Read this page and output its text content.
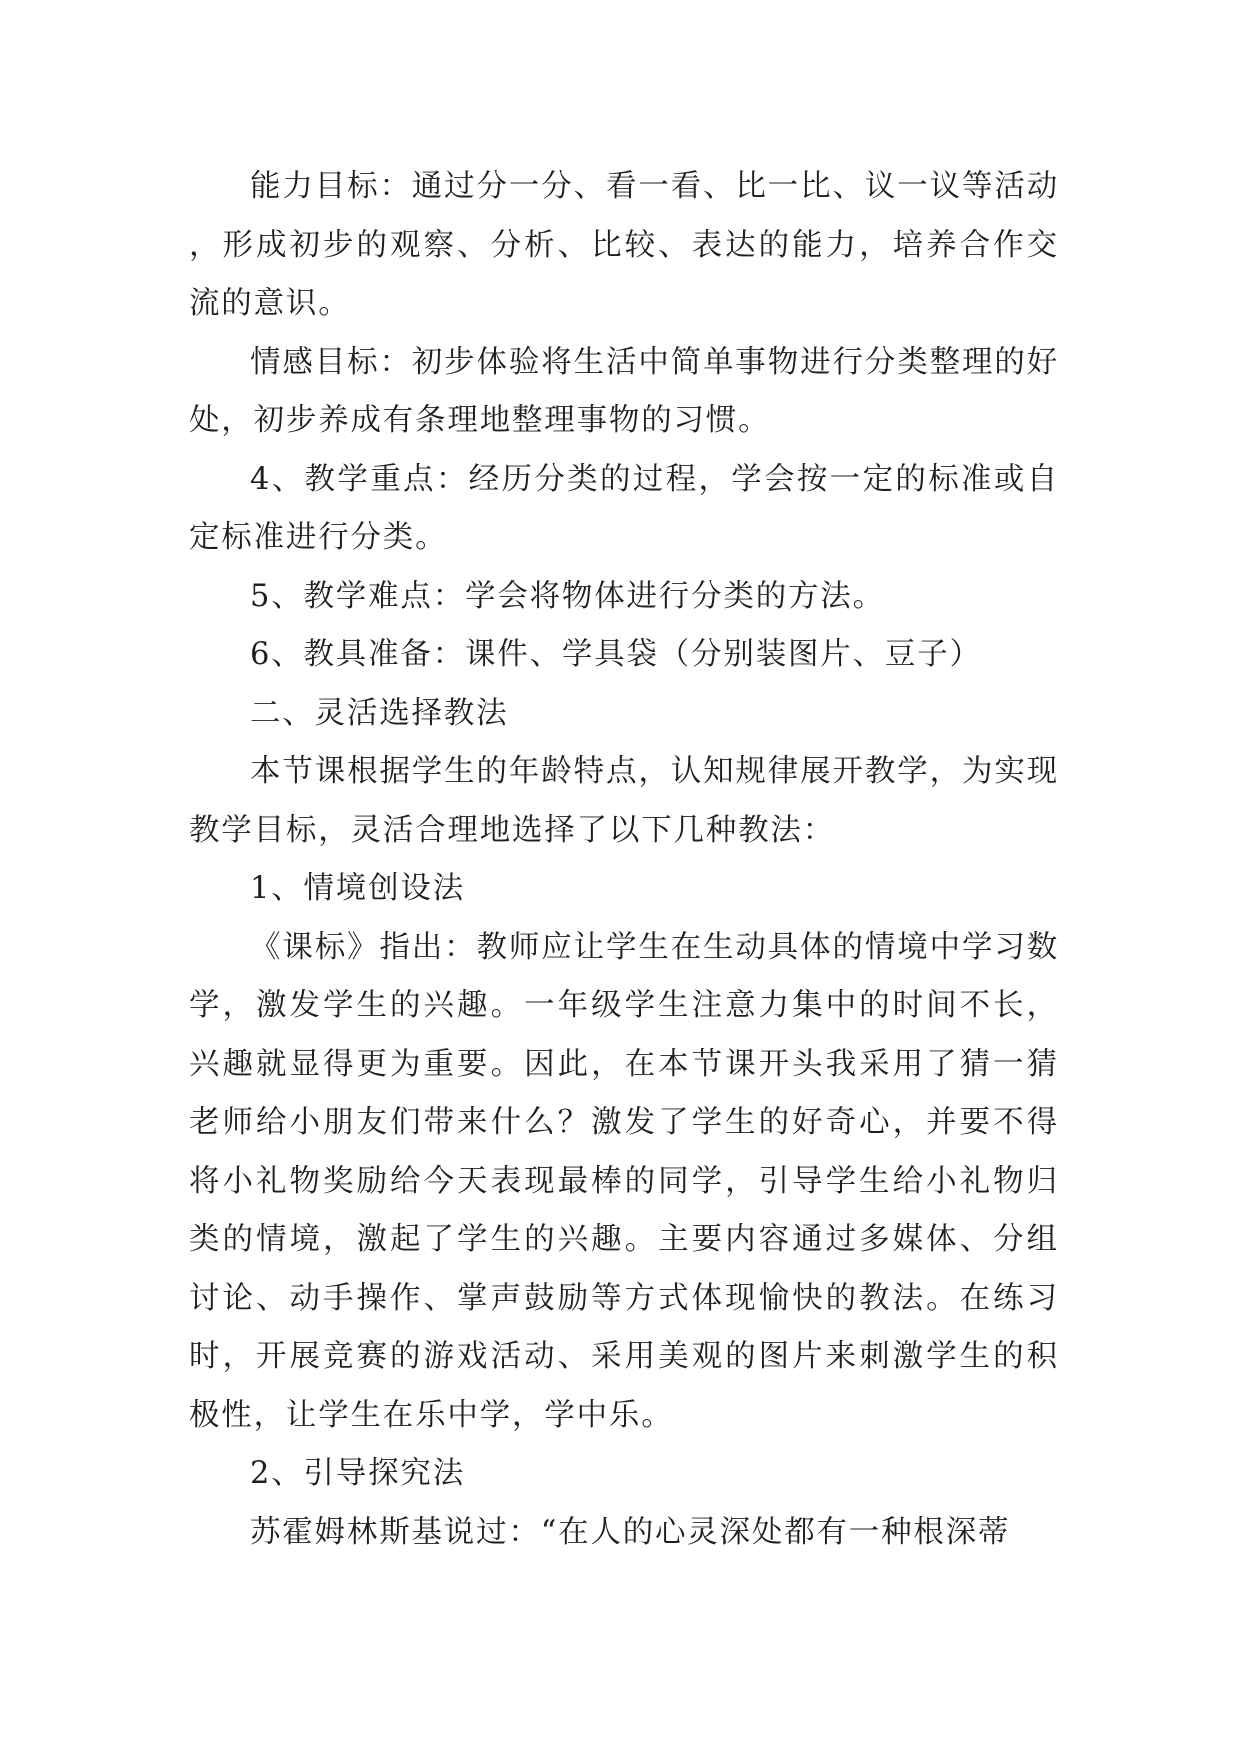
能力目标：通过分一分、看一看、比一比、议一议等活动，形成初步的观察、分析、比较、表达的能力，培养合作交流的意识。

情感目标：初步体验将生活中简单事物进行分类整理的好处，初步养成有条理地整理事物的习惯。

4、教学重点：经历分类的过程，学会按一定的标准或自定标准进行分类。

5、教学难点：学会将物体进行分类的方法。

6、教具准备：课件、学具袋（分别装图片、豆子）

二、灵活选择教法

本节课根据学生的年龄特点，认知规律展开教学，为实现教学目标，灵活合理地选择了以下几种教法：

1、情境创设法

《课标》指出：教师应让学生在生动具体的情境中学习数学，激发学生的兴趣。一年级学生注意力集中的时间不长，兴趣就显得更为重要。因此，在本节课开头我采用了猜一猜老师给小朋友们带来什么？激发了学生的好奇心，并要不得将小礼物奖励给今天表现最棒的同学，引导学生给小礼物归类的情境，激起了学生的兴趣。主要内容通过多媒体、分组讨论、动手操作、掌声鼓励等方式体现愉快的教法。在练习时，开展竞赛的游戏活动、采用美观的图片来刺激学生的积极性，让学生在乐中学，学中乐。

2、引导探究法

苏霍姆林斯基说过：“在人的心灵深处都有一种根深蒂
